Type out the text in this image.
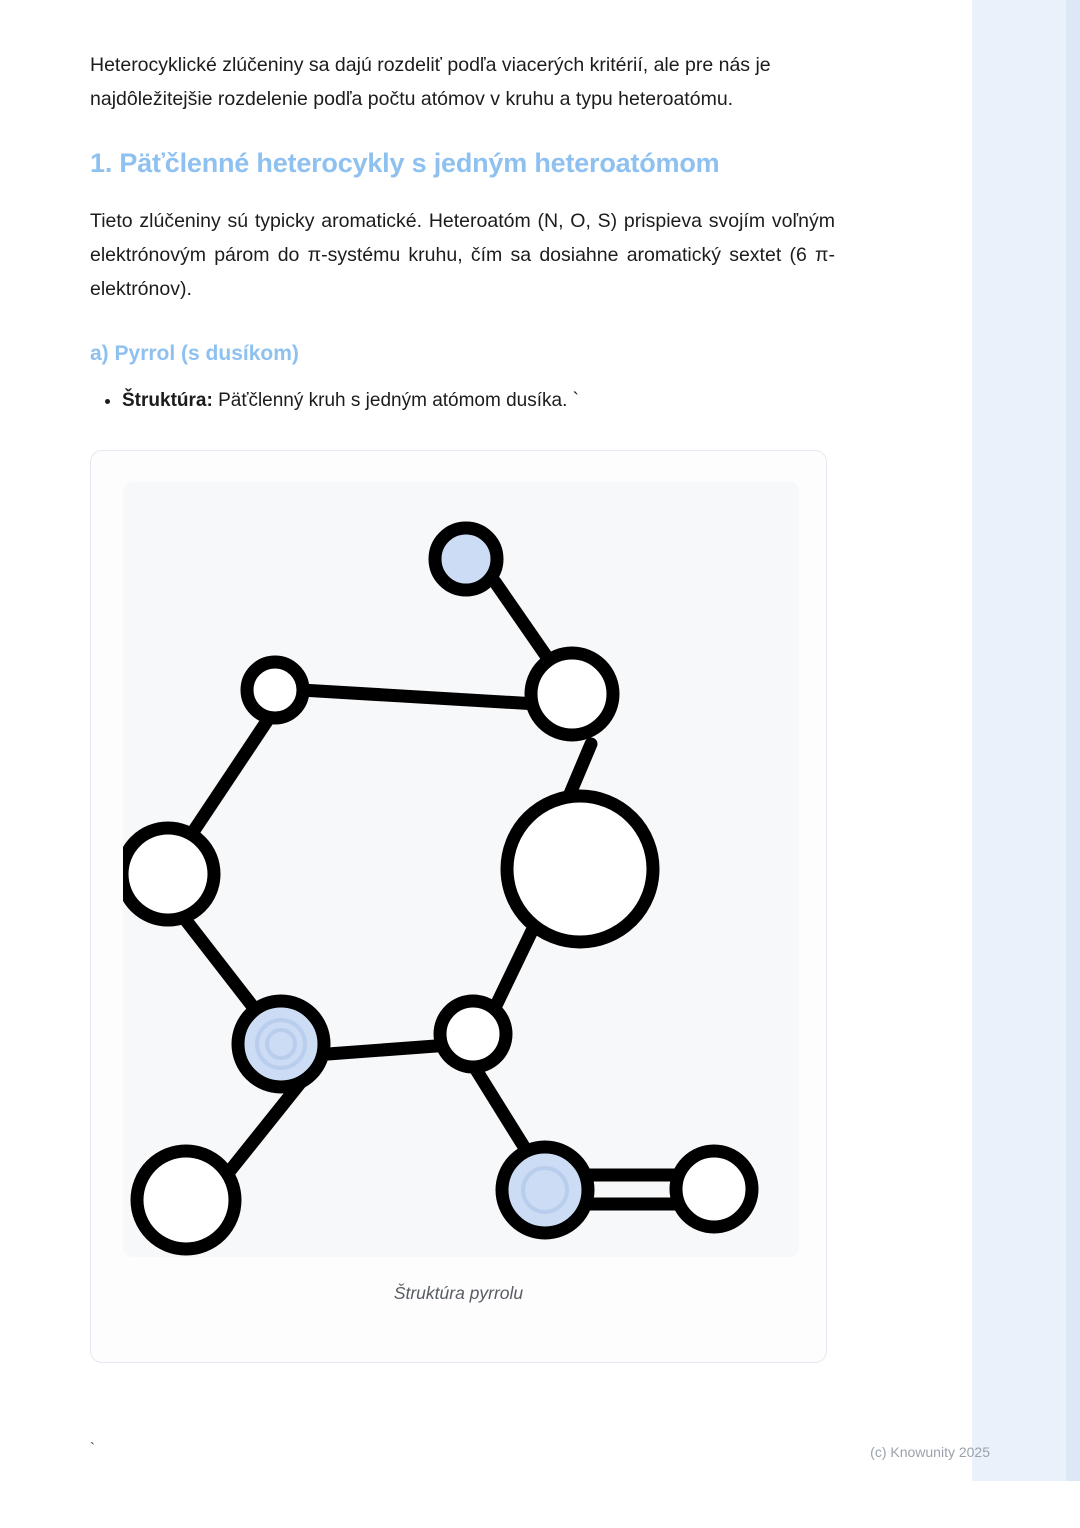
Heterocyklické zlúčeniny sa dajú rozdeliť podľa viacerých kritérií, ale pre nás je najdôležitejšie rozdelenie podľa počtu atómov v kruhu a typu heteroatómu.

1. Päťčlenné heterocykly s jedným heteroatómom

Tieto zlúčeniny sú typicky aromatické. Heteroatóm (N, O, S) prispieva svojím voľným elektrónovým párom do π-systému kruhu, čím sa dosiahne aromatický sextet (6 π-elektrónov).

a) Pyrrol (s dusíkom)
• Štruktúra: Päťčlenný kruh s jedným atómom dusíka. `
Štruktúra pyrrolu
`	(c) Knowunity 2025
